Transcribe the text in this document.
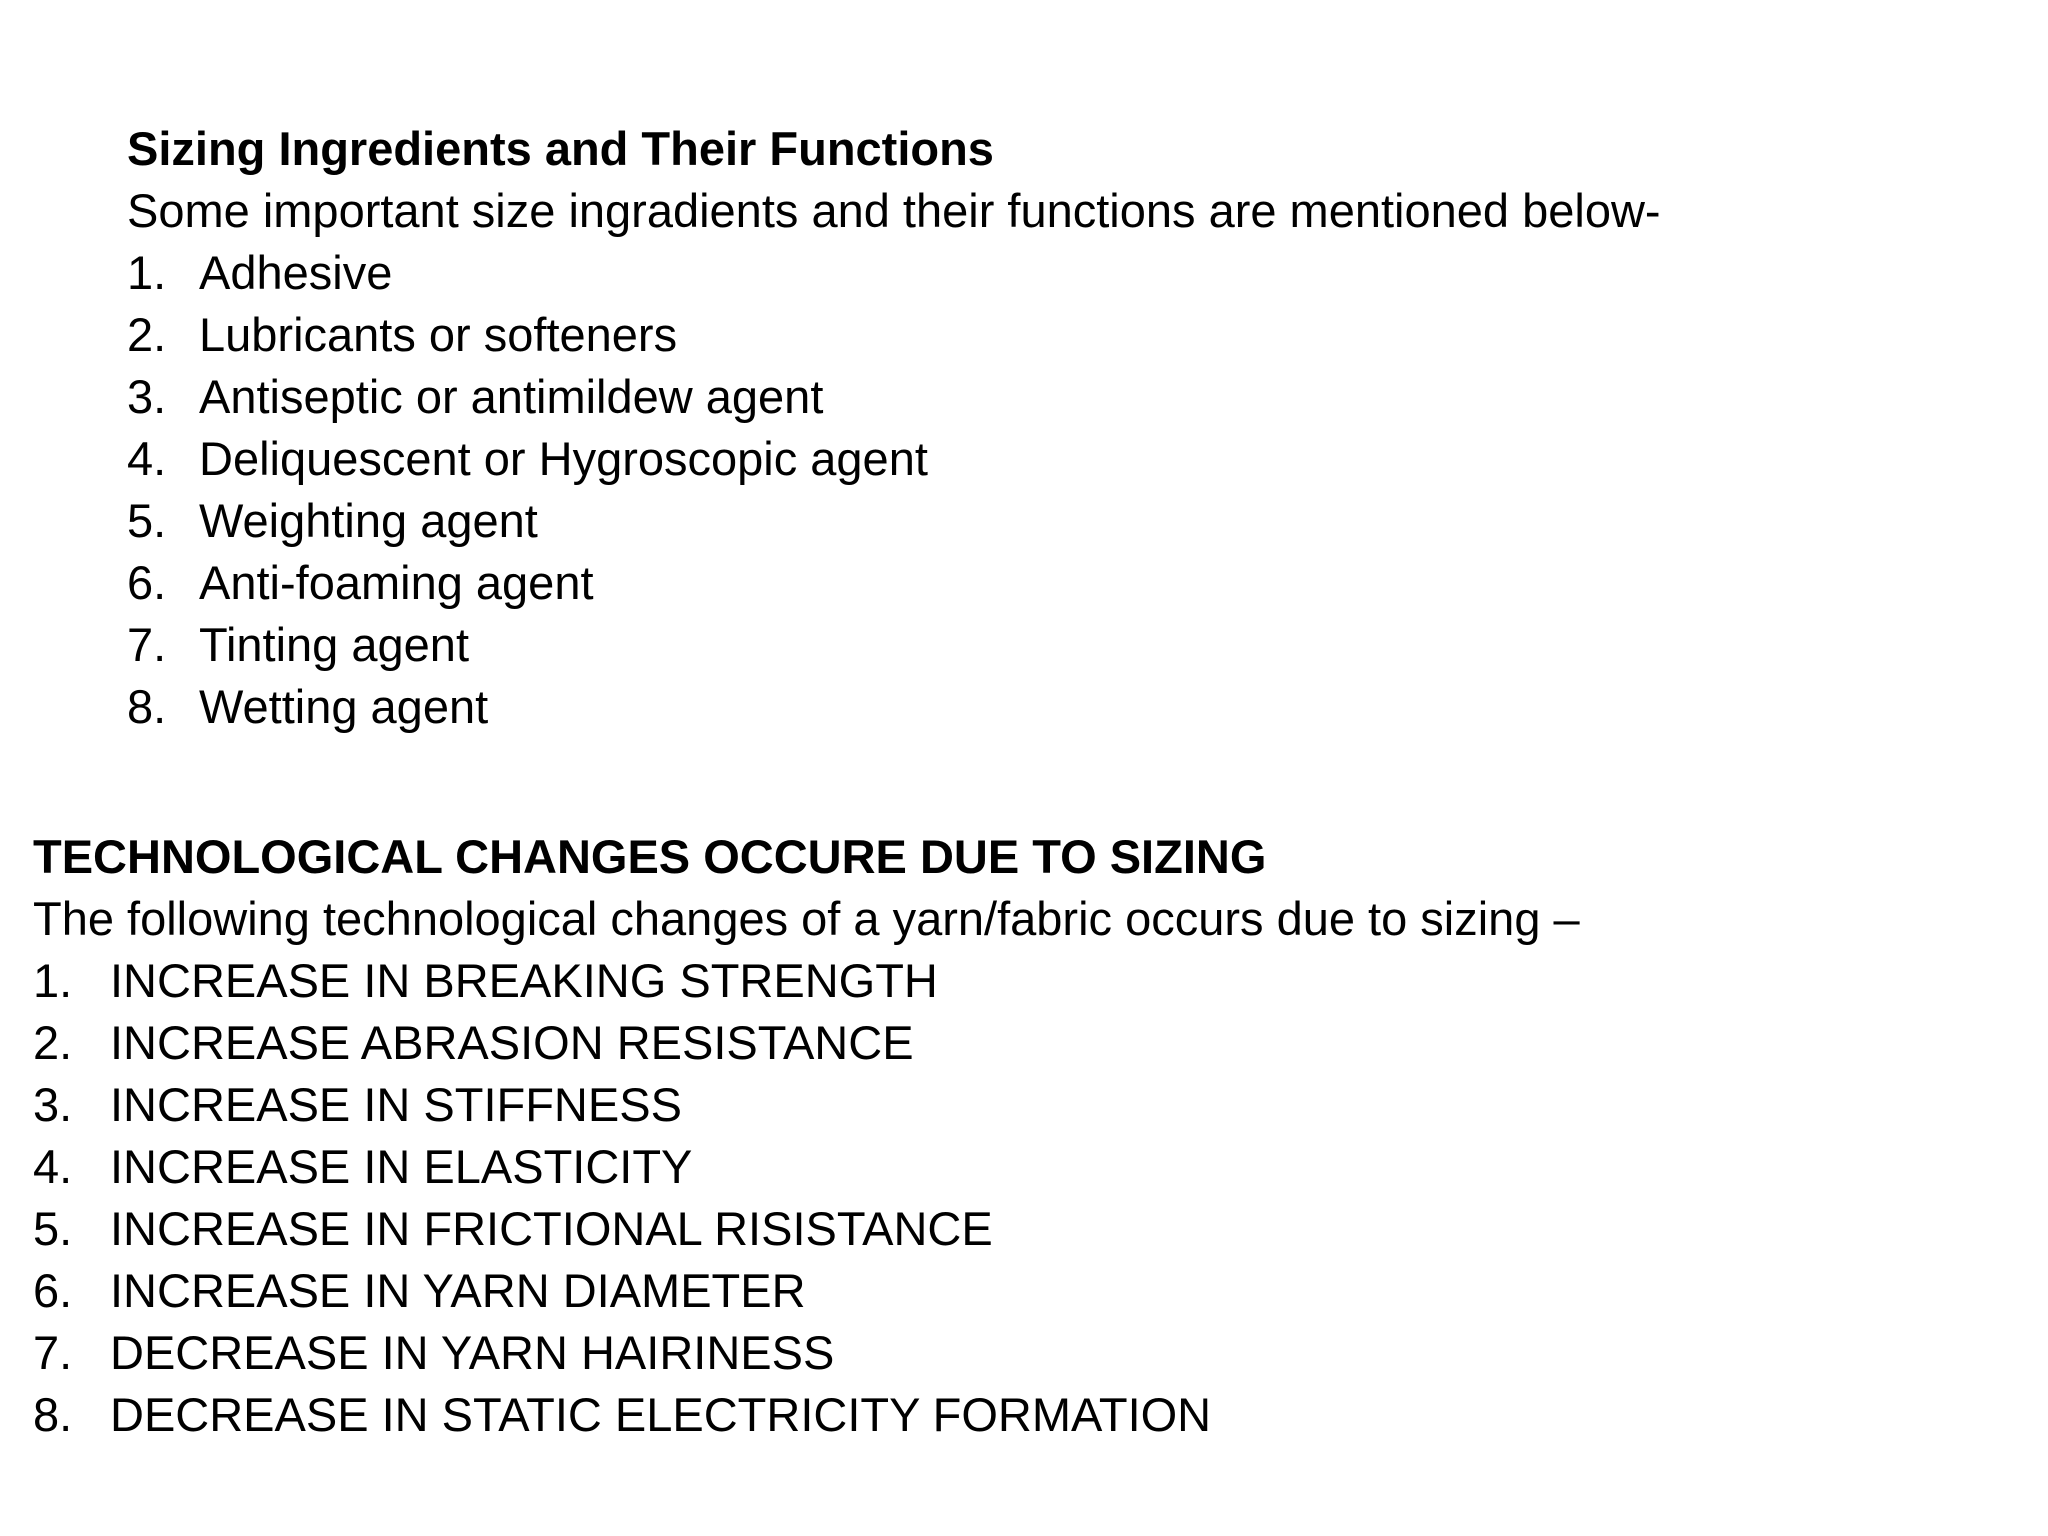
Sizing Ingredients and Their Functions
Some important size ingradients and their functions are mentioned below-
1. Adhesive
2. Lubricants or softeners
3. Antiseptic or antimildew agent
4. Deliquescent or Hygroscopic agent
5. Weighting agent
6. Anti-foaming agent
7. Tinting agent
8. Wetting agent
TECHNOLOGICAL CHANGES OCCURE DUE TO SIZING
The following technological changes of a yarn/fabric occurs due to sizing –
1. INCREASE IN BREAKING STRENGTH
2. INCREASE ABRASION RESISTANCE
3. INCREASE IN STIFFNESS
4. INCREASE IN ELASTICITY
5. INCREASE IN FRICTIONAL RISISTANCE
6. INCREASE IN YARN DIAMETER
7. DECREASE IN YARN HAIRINESS
8. DECREASE IN STATIC ELECTRICITY FORMATION
